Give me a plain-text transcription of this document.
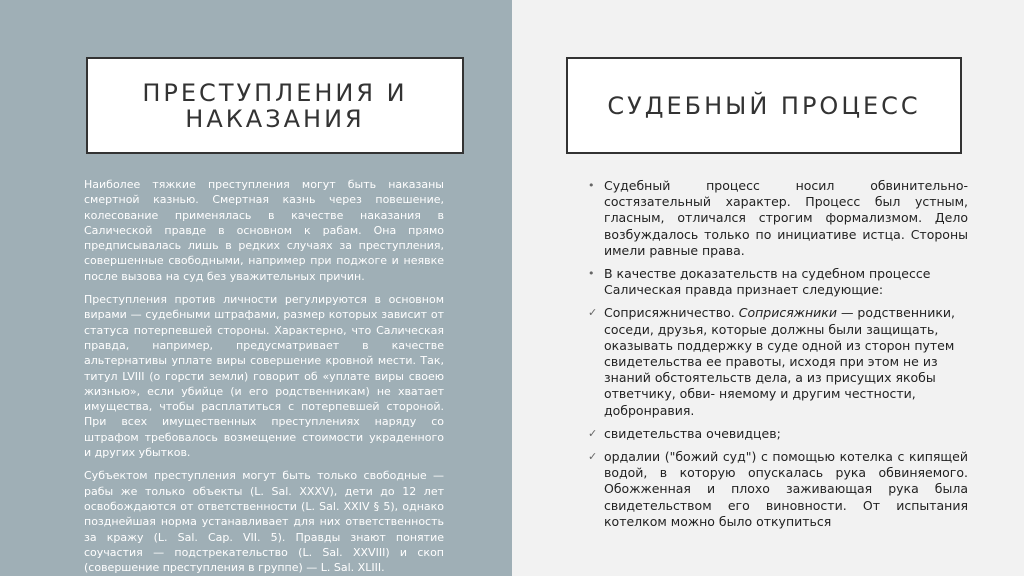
ПРЕСТУПЛЕНИЯ И НАКАЗАНИЯ	СУДЕБНЫЙ ПРОЦЕСС

Наиболее тяжкие преступления могут быть наказаны смертной казнью. Смертная казнь через повешение, колесование применялась в качестве наказания в Салической правде в основном к рабам. Она прямо предписывалась лишь в редких случаях за преступления, совершенные свободными, например при поджоге и неявке после вызова на суд без уважительных причин.

Преступления против личности регулируются в основном вирами — судебными штрафами, размер которых зависит от статуса потерпевшей стороны. Характерно, что Салическая правда, например, предусматривает в качестве альтернативы уплате виры совершение кровной мести. Так, титул LVIII (о горсти земли) говорит об «уплате виры своею жизнью», если убийце (и его родственникам) не хватает имущества, чтобы расплатиться с потерпевшей стороной. При всех имущественных преступлениях наряду со штрафом требовалось возмещение стоимости украденного и других убытков.

Субъектом преступления могут быть только свободные — рабы же только объекты (L. Sal. XXXV), дети до 12 лет освобождаются от ответственности (L. Sal. XXIV § 5), однако позднейшая норма устанавливает для них ответственность за кражу (L. Sal. Cap. VII. 5). Правды знают понятие соучастия — подстрекательство (L. Sal. XXVIII) и скоп (совершение преступления в группе) — L. Sal. XLIII.

• Судебный процесс носил обвинительно-состязательный характер. Процесс был устным, гласным, отличался строгим формализмом. Дело возбуждалось только по инициативе истца. Стороны имели равные права.
• В качестве доказательств на судебном процессе Салическая правда признает следующие:
✓ Соприсяжничество. Соприсяжники — родственники, соседи, друзья, которые должны были защищать, оказывать поддержку в суде одной из сторон путем свидетельства ее правоты, исходя при этом не из знаний обстоятельств дела, а из присущих якобы ответчику, обви- няемому и другим честности, добронравия.
✓ свидетельства очевидцев;
✓ ордалии ("божий суд") с помощью котелка с кипящей водой, в которую опускалась рука обвиняемого. Обожженная и плохо заживающая рука была свидетельством его виновности. От испытания котелком можно было откупиться
